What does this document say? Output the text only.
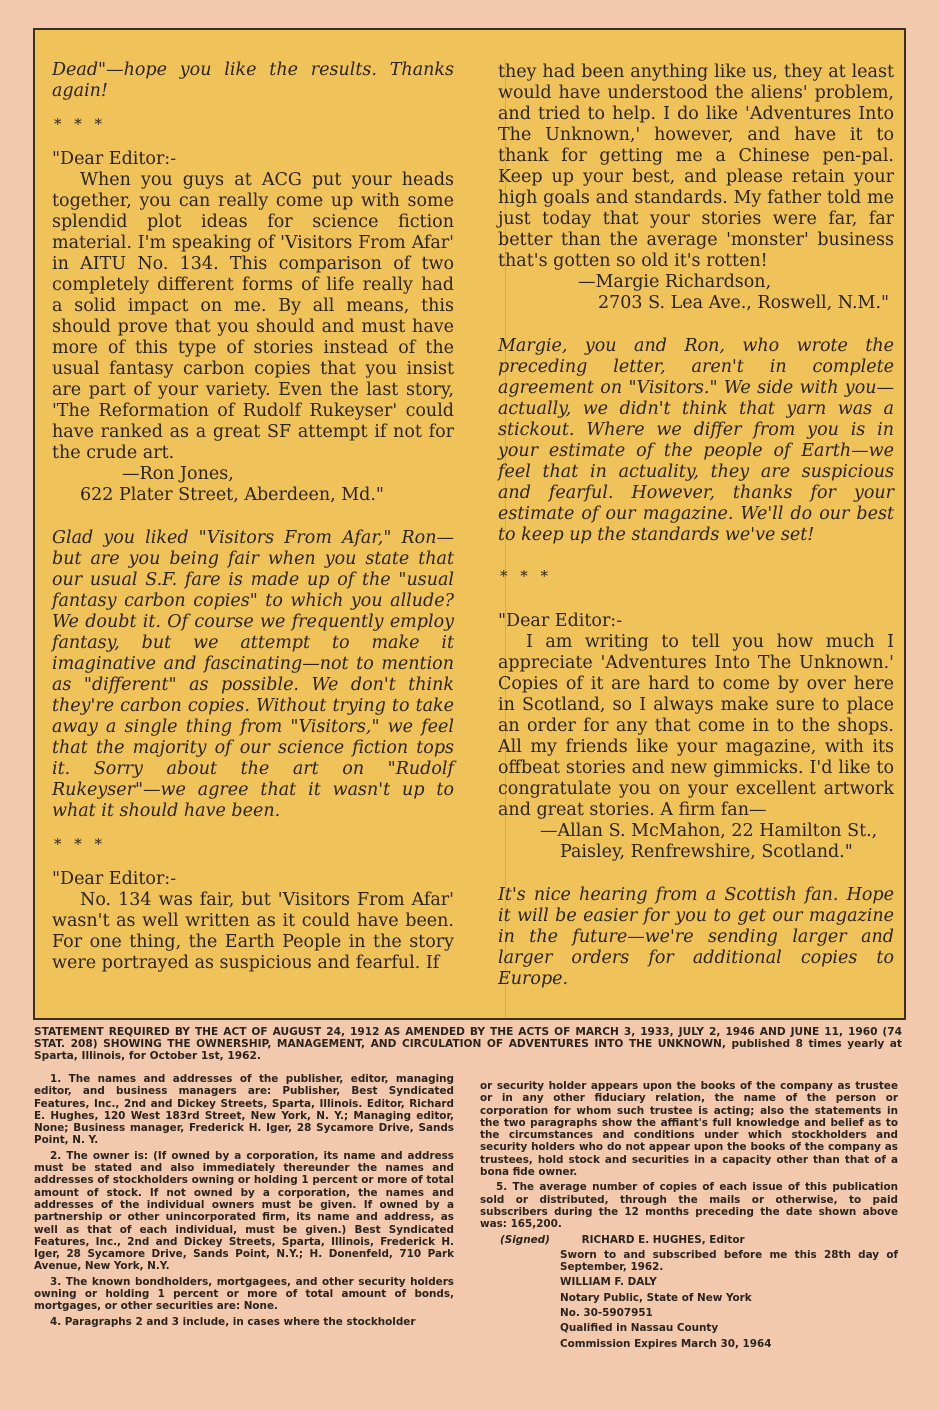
Dead"—hope you like the results. Thanks again!

* * *

"Dear Editor:-

When you guys at ACG put your heads together, you can really come up with some splendid plot ideas for science fiction material. I'm speaking of 'Visitors From Afar' in AITU No. 134. This comparison of two completely different forms of life really had a solid impact on me. By all means, this should prove that you should and must have more of this type of stories instead of the usual fantasy carbon copies that you insist are part of your variety. Even the last story, 'The Reformation of Rudolf Rukeyser' could have ranked as a great SF attempt if not for the crude art.

—Ron Jones,

622 Plater Street, Aberdeen, Md."

Glad you liked "Visitors From Afar," Ron—but are you being fair when you state that our usual S.F. fare is made up of the "usual fantasy carbon copies" to which you allude? We doubt it. Of course we frequently employ fantasy, but we attempt to make it imaginative and fascinating—not to mention as "different" as possible. We don't think they're carbon copies. Without trying to take away a single thing from "Visitors," we feel that the majority of our science fiction tops it. Sorry about the art on "Rudolf Rukeyser"—we agree that it wasn't up to what it should have been.

* * *

"Dear Editor:-

No. 134 was fair, but 'Visitors From Afar' wasn't as well written as it could have been. For one thing, the Earth People in the story were portrayed as suspicious and fearful. If

they had been anything like us, they at least would have understood the aliens' problem, and tried to help. I do like 'Adventures Into The Unknown,' however, and have it to thank for getting me a Chinese pen-pal. Keep up your best, and please retain your high goals and standards. My father told me just today that your stories were far, far better than the average 'monster' business that's gotten so old it's rotten!

—Margie Richardson,

2703 S. Lea Ave., Roswell, N.M."

Margie, you and Ron, who wrote the preceding letter, aren't in complete agreement on "Visitors." We side with you—actually, we didn't think that yarn was a stickout. Where we differ from you is in your estimate of the people of Earth—we feel that in actuality, they are suspicious and fearful. However, thanks for your estimate of our magazine. We'll do our best to keep up the standards we've set!

* * *

"Dear Editor:-

I am writing to tell you how much I appreciate 'Adventures Into The Unknown.' Copies of it are hard to come by over here in Scotland, so I always make sure to place an order for any that come in to the shops. All my friends like your magazine, with its offbeat stories and new gimmicks. I'd like to congratulate you on your excellent artwork and great stories. A firm fan—

—Allan S. McMahon, 22 Hamilton St.,

Paisley, Renfrewshire, Scotland."

It's nice hearing from a Scottish fan. Hope it will be easier for you to get our magazine in the future—we're sending larger and larger orders for additional copies to Europe.

STATEMENT REQUIRED BY THE ACT OF AUGUST 24, 1912 AS AMENDED BY THE ACTS OF MARCH 3, 1933, JULY 2, 1946 AND JUNE 11, 1960 (74 STAT. 208) SHOWING THE OWNERSHIP, MANAGEMENT, AND CIRCULATION OF ADVENTURES INTO THE UNKNOWN, published 8 times yearly at Sparta, Illinois, for October 1st, 1962.

1. The names and addresses of the publisher, editor, managing editor, and business managers are: Publisher, Best Syndicated Features, Inc., 2nd and Dickey Streets, Sparta, Illinois. Editor, Richard E. Hughes, 120 West 183rd Street, New York, N. Y.; Managing editor, None; Business manager, Frederick H. Iger, 28 Sycamore Drive, Sands Point, N. Y.

2. The owner is: (If owned by a corporation, its name and address must be stated and also immediately thereunder the names and addresses of stockholders owning or holding 1 percent or more of total amount of stock. If not owned by a corporation, the names and addresses of the individual owners must be given. If owned by a partnership or other unincorporated firm, its name and address, as well as that of each individual, must be given.) Best Syndicated Features, Inc., 2nd and Dickey Streets, Sparta, Illinois, Frederick H. Iger, 28 Sycamore Drive, Sands Point, N.Y.; H. Donenfeld, 710 Park Avenue, New York, N.Y.

3. The known bondholders, mortgagees, and other security holders owning or holding 1 percent or more of total amount of bonds, mortgages, or other securities are: None.

4. Paragraphs 2 and 3 include, in cases where the stockholder

or security holder appears upon the books of the company as trustee or in any other fiduciary relation, the name of the person or corporation for whom such trustee is acting; also the statements in the two paragraphs show the affiant's full knowledge and belief as to the circumstances and conditions under which stockholders and security holders who do not appear upon the books of the company as trustees, hold stock and securities in a capacity other than that of a bona fide owner.

5. The average number of copies of each issue of this publication sold or distributed, through the mails or otherwise, to paid subscribers during the 12 months preceding the date shown above was: 165,200.

(Signed)	RICHARD E. HUGHES, Editor

Sworn to and subscribed before me this 28th day of September, 1962.

WILLIAM F. DALY

Notary Public, State of New York

No. 30-5907951

Qualified in Nassau County

Commission Expires March 30, 1964
